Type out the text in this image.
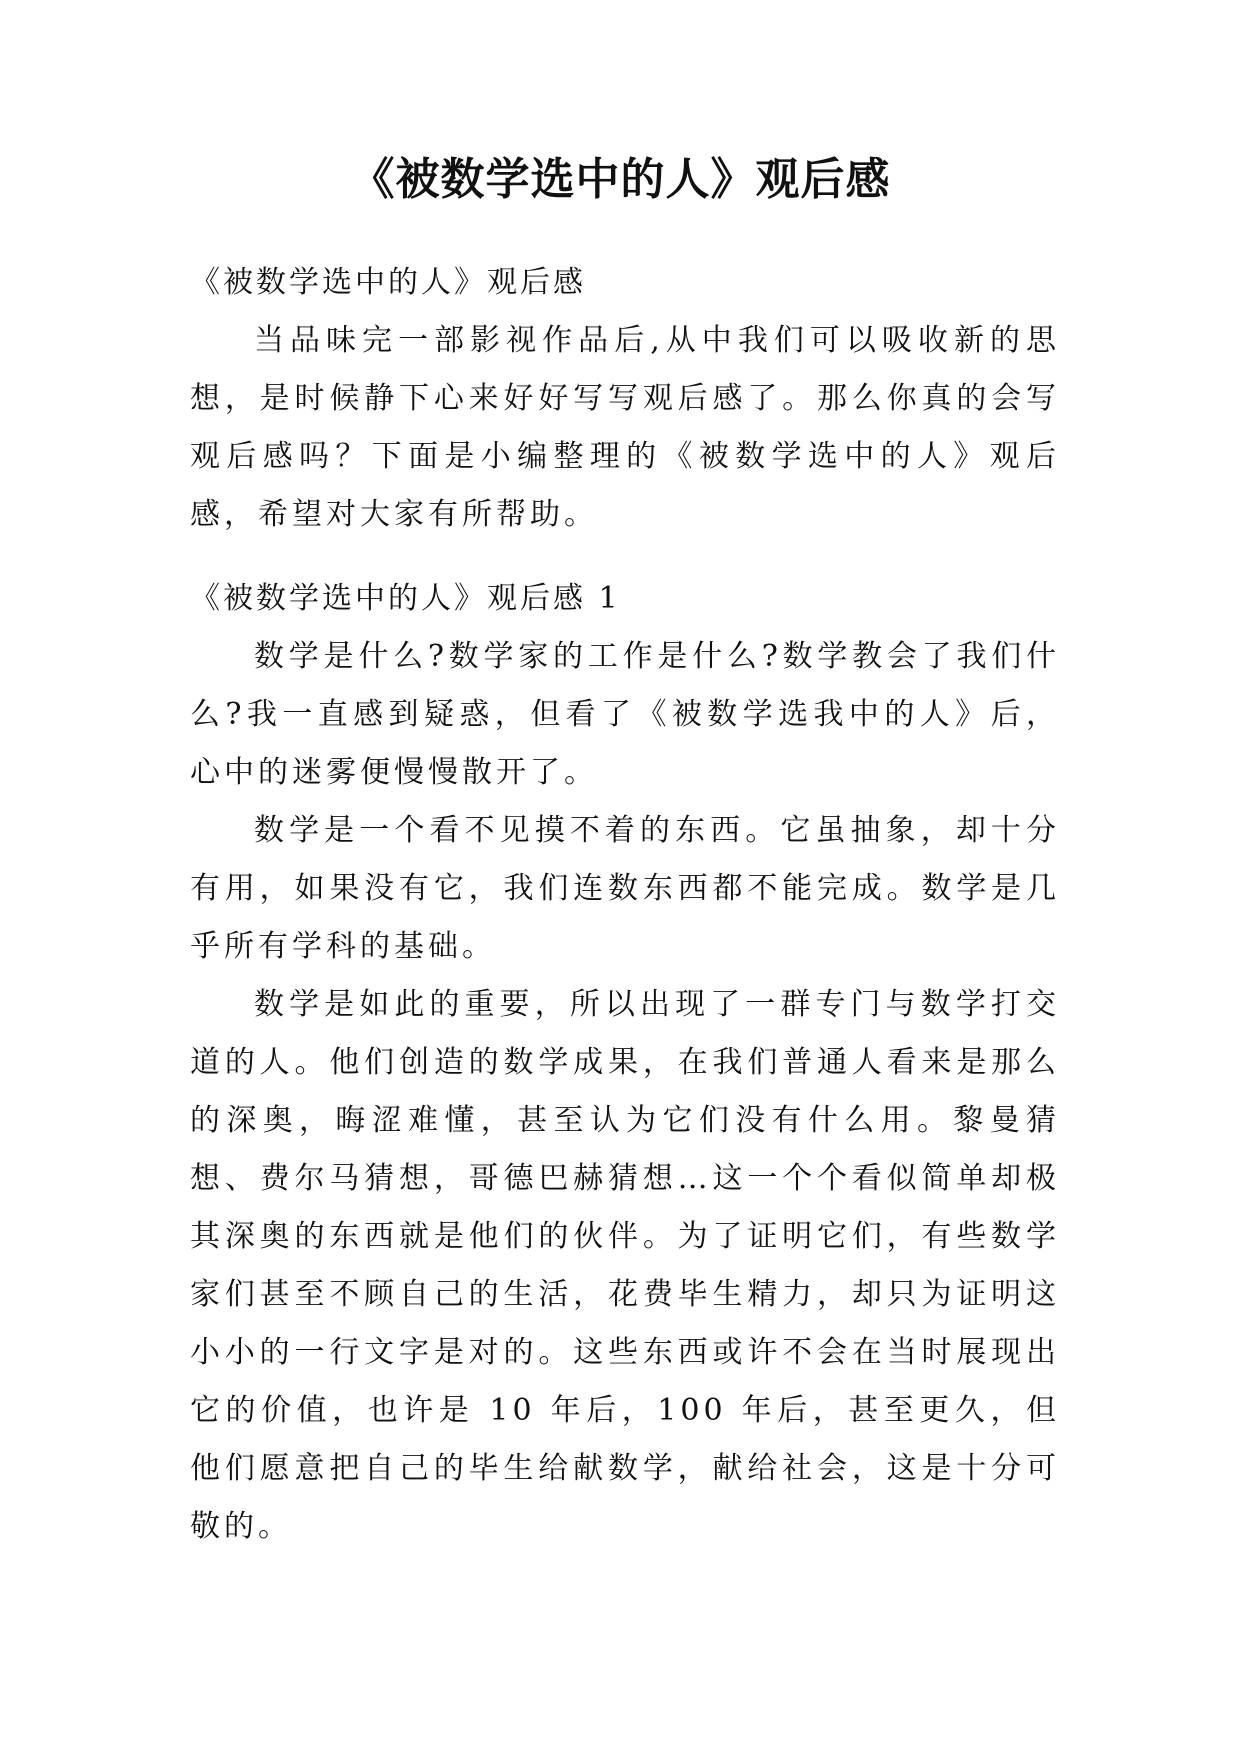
《被数学选中的人》观后感

《被数学选中的人》观后感

当品味完一部影视作品后,从中我们可以吸收新的思想，是时候静下心来好好写写观后感了。那么你真的会写观后感吗？下面是小编整理的《被数学选中的人》观后感，希望对大家有所帮助。

《被数学选中的人》观后感 1

数学是什么?数学家的工作是什么?数学教会了我们什么?我一直感到疑惑，但看了《被数学选我中的人》后，心中的迷雾便慢慢散开了。

数学是一个看不见摸不着的东西。它虽抽象，却十分有用，如果没有它，我们连数东西都不能完成。数学是几乎所有学科的基础。

数学是如此的重要，所以出现了一群专门与数学打交道的人。他们创造的数学成果，在我们普通人看来是那么的深奥，晦涩难懂，甚至认为它们没有什么用。黎曼猜想、费尔马猜想，哥德巴赫猜想…这一个个看似简单却极其深奥的东西就是他们的伙伴。为了证明它们，有些数学家们甚至不顾自己的生活，花费毕生精力，却只为证明这小小的一行文字是对的。这些东西或许不会在当时展现出它的价值，也许是 10 年后，100 年后，甚至更久，但他们愿意把自己的毕生给献数学，献给社会，这是十分可敬的。
